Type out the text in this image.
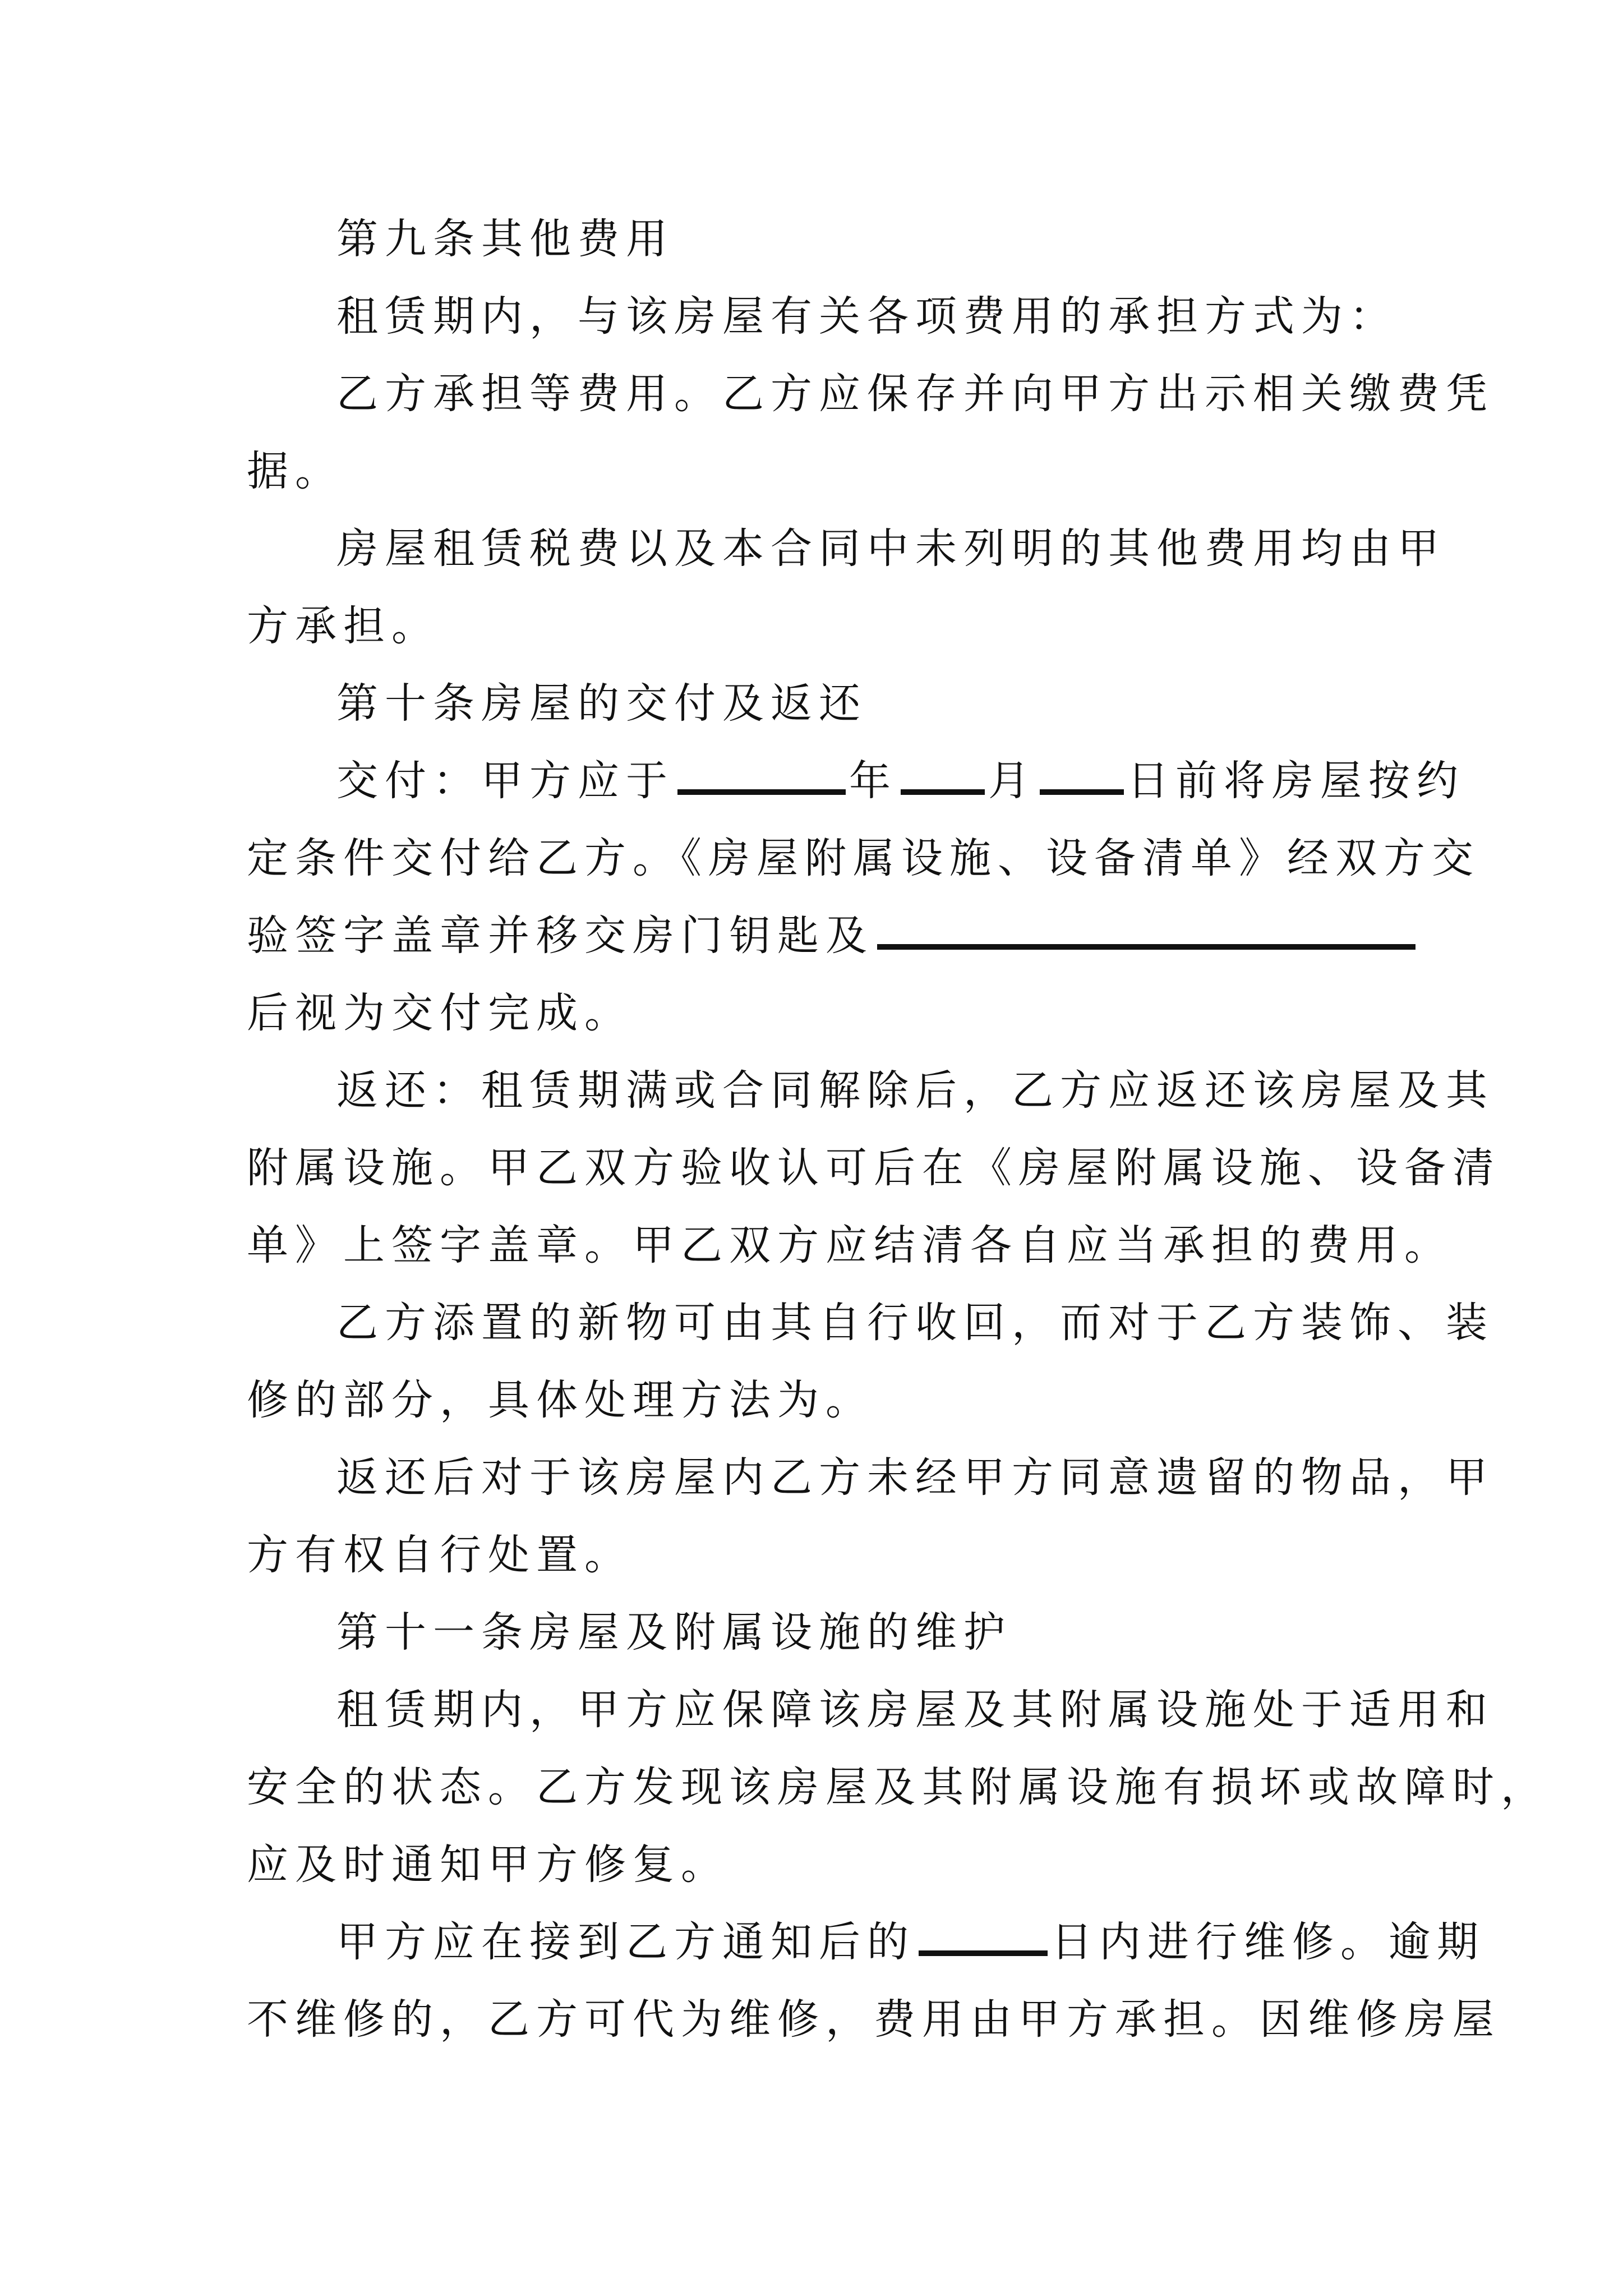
第九条其他费用
租赁期内，与该房屋有关各项费用的承担方式为：
乙方承担等费用。乙方应保存并向甲方出示相关缴费凭
据。
房屋租赁税费以及本合同中未列明的其他费用均由甲
方承担。
第十条房屋的交付及返还
交付：甲方应于	年 月 日前将房屋按约
定条件交付给乙方。《房屋附属设施、设备清单》经双方交
验签字盖章并移交房门钥匙及
后视为交付完成。
返还：租赁期满或合同解除后，乙方应返还该房屋及其
附属设施。甲乙双方验收认可后在《房屋附属设施、设备清
单》上签字盖章。甲乙双方应结清各自应当承担的费用。
乙方添置的新物可由其自行收回，而对于乙方装饰、装
修的部分，具体处理方法为。
返还后对于该房屋内乙方未经甲方同意遗留的物品，甲
方有权自行处置。
第十一条房屋及附属设施的维护
租赁期内，甲方应保障该房屋及其附属设施处于适用和
安全的状态。乙方发现该房屋及其附属设施有损坏或故障时，
应及时通知甲方修复。
甲方应在接到乙方通知后的	日内进行维修。逾期
不维修的，乙方可代为维修，费用由甲方承担。因维修房屋
